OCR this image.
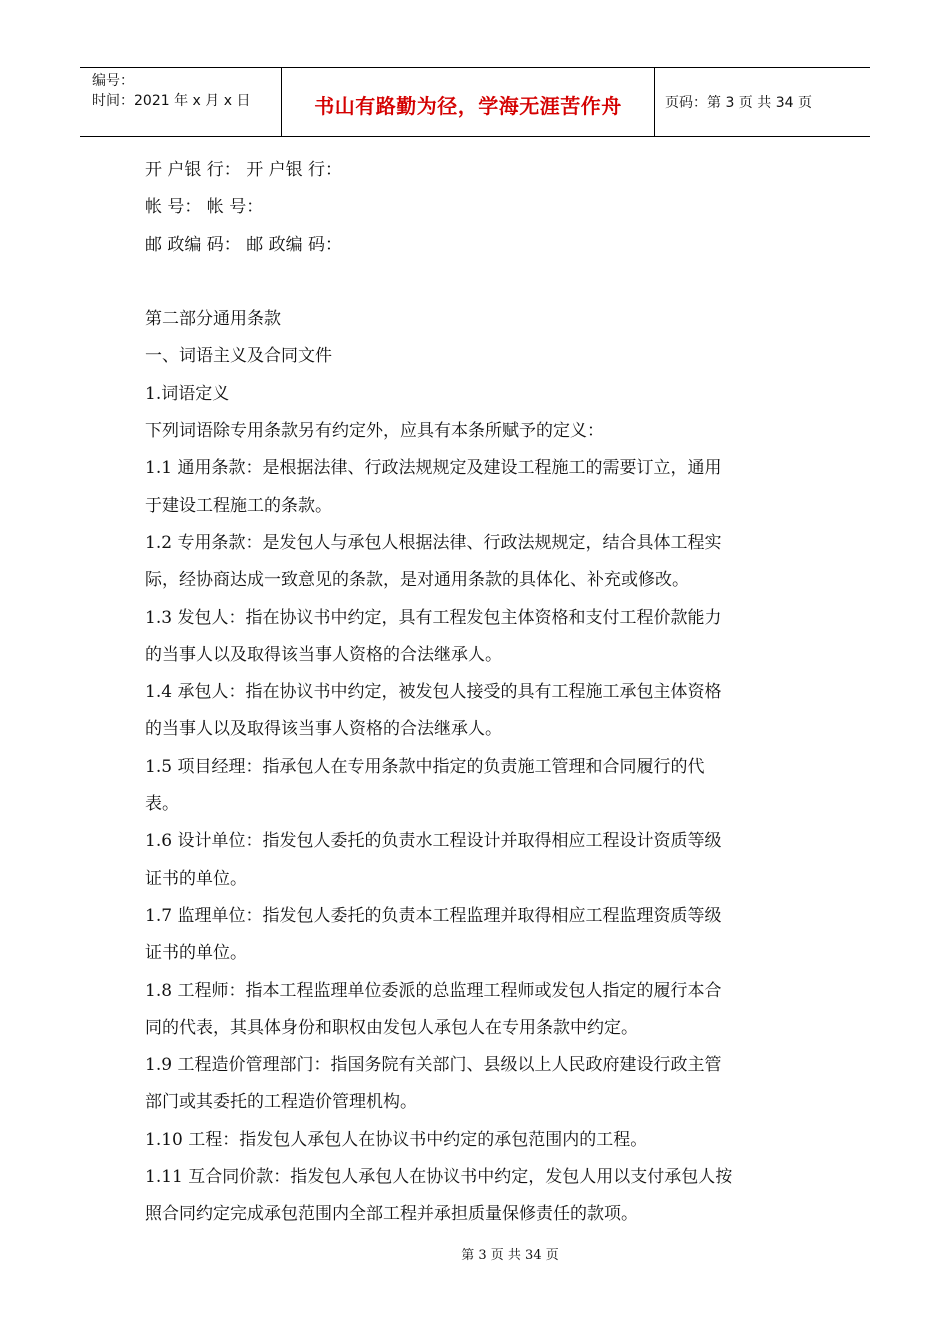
编号：
时间：2021 年 x 月 x 日	书山有路勤为径，学海无涯苦作舟	页码：第 3 页 共 34 页

开 户银 行： 开 户银 行：

帐 号： 帐 号：

邮 政编 码： 邮 政编 码：

第二部分通用条款

一、词语主义及合同文件

1.词语定义

下列词语除专用条款另有约定外，应具有本条所赋予的定义：

1.1 通用条款：是根据法律、行政法规规定及建设工程施工的需要订立，通用

于建设工程施工的条款。

1.2 专用条款：是发包人与承包人根据法律、行政法规规定，结合具体工程实

际，经协商达成一致意见的条款，是对通用条款的具体化、补充或修改。

1.3 发包人：指在协议书中约定，具有工程发包主体资格和支付工程价款能力

的当事人以及取得该当事人资格的合法继承人。

1.4 承包人：指在协议书中约定，被发包人接受的具有工程施工承包主体资格

的当事人以及取得该当事人资格的合法继承人。

1.5 项目经理：指承包人在专用条款中指定的负责施工管理和合同履行的代

表。

1.6 设计单位：指发包人委托的负责水工程设计并取得相应工程设计资质等级

证书的单位。

1.7 监理单位：指发包人委托的负责本工程监理并取得相应工程监理资质等级

证书的单位。

1.8 工程师：指本工程监理单位委派的总监理工程师或发包人指定的履行本合

同的代表，其具体身份和职权由发包人承包人在专用条款中约定。

1.9 工程造价管理部门：指国务院有关部门、县级以上人民政府建设行政主管

部门或其委托的工程造价管理机构。

1.10 工程：指发包人承包人在协议书中约定的承包范围内的工程。

1.11 互合同价款：指发包人承包人在协议书中约定，发包人用以支付承包人按

照合同约定完成承包范围内全部工程并承担质量保修责任的款项。

第 3 页 共 34 页
